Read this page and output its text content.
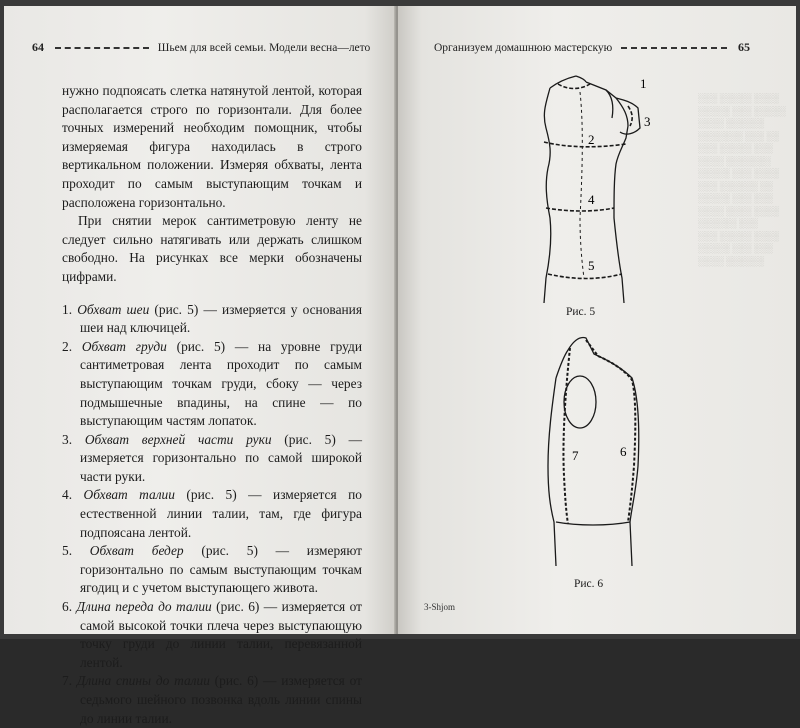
64	Шьем для всей семьи. Модели весна—лето

нужно подпоясать слетка натянутой лентой, которая располагается строго по горизонтали. Для более точных измерений необходим помощник, чтобы измеряемая фигура находилась в строго вертикальном положении. Измеряя обхваты, лента проходит по самым выступающим точкам и расположена горизонтально.

При снятии мерок сантиметровую ленту не следует сильно натягивать или держать слишком свободно. На рисунках все мерки обозначены цифрами.

1. Обхват шеи (рис. 5) — измеряется у основания шеи над ключицей.
2. Обхват груди (рис. 5) — на уровне груди сантиметровая лента проходит по самым выступающим точкам груди, сбоку — через подмышечные впадины, на спине — по выступающим частям лопаток.
3. Обхват верхней части руки (рис. 5) — измеряется горизонтально по самой широкой части руки.
4. Обхват талии (рис. 5) — измеряется по естественной линии талии, там, где фигура подпоясана лентой.
5. Обхват бедер (рис. 5) — измеряют горизонтально по самым выступающим точкам ягодиц и с учетом выступающего живота.
6. Длина переда до талии (рис. 6) — измеряется от самой высокой точки плеча через выступающую точку груди до линии талии, перевязанной лентой.
7. Длина спины до талии (рис. 6) — измеряется от седьмого шейного позвонка вдоль линии спины до линии талии.
Организуем домашнюю мастерскую	65
░░░ ░░░░░ ░░░░
░░░░░ ░░░ ░░░░░
░░░░ ░░░░░░
░░░░░░░ ░░░ ░░
░░░ ░░░░░ ░░░
░░░░ ░░░░░░░
░░░░░ ░░░ ░░░░
░░░ ░░░░░░ ░░
░░░░░ ░░░ ░░░
░░░░ ░░░░ ░░░░
░░░░░░ ░░░
░░░ ░░░░░ ░░░░
░░░░░ ░░░ ░░░
░░░░ ░░░░░░
1
2
3
4
5
Рис. 5
7	6
Рис. 6
3-Shjom
